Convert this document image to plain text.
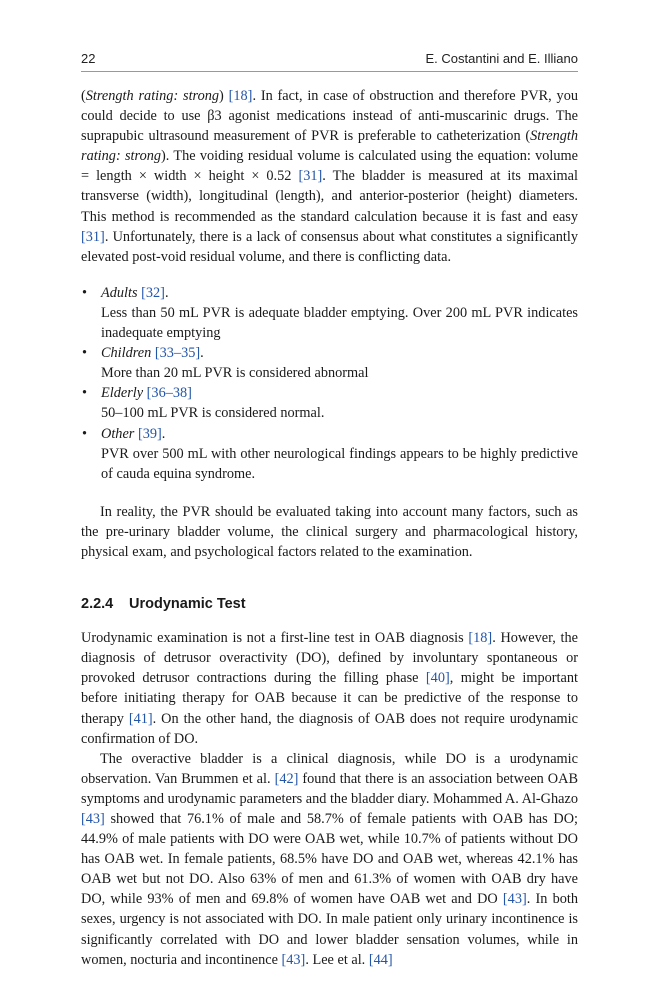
22	E. Costantini and E. Illiano

(Strength rating: strong) [18]. In fact, in case of obstruction and therefore PVR, you could decide to use β3 agonist medications instead of anti-muscarinic drugs. The suprapubic ultrasound measurement of PVR is preferable to catheterization (Strength rating: strong). The voiding residual volume is calculated using the equation: volume = length × width × height × 0.52 [31]. The bladder is measured at its maximal transverse (width), longitudinal (length), and anterior-posterior (height) diameters. This method is recommended as the standard calculation because it is fast and easy [31]. Unfortunately, there is a lack of consensus about what constitutes a significantly elevated post-void residual volume, and there is conflicting data.

• Adults [32].
Less than 50 mL PVR is adequate bladder emptying. Over 200 mL PVR indicates inadequate emptying
• Children [33–35].
More than 20 mL PVR is considered abnormal
• Elderly [36–38]
50–100 mL PVR is considered normal.
• Other [39].
PVR over 500 mL with other neurological findings appears to be highly predictive of cauda equina syndrome.

In reality, the PVR should be evaluated taking into account many factors, such as the pre-urinary bladder volume, the clinical surgery and pharmacological history, physical exam, and psychological factors related to the examination.

2.2.4 Urodynamic Test

Urodynamic examination is not a first-line test in OAB diagnosis [18]. However, the diagnosis of detrusor overactivity (DO), defined by involuntary spontaneous or provoked detrusor contractions during the filling phase [40], might be important before initiating therapy for OAB because it can be predictive of the response to therapy [41]. On the other hand, the diagnosis of OAB does not require urodynamic confirmation of DO.

The overactive bladder is a clinical diagnosis, while DO is a urodynamic observation. Van Brummen et al. [42] found that there is an association between OAB symptoms and urodynamic parameters and the bladder diary. Mohammed A. Al-Ghazo [43] showed that 76.1% of male and 58.7% of female patients with OAB has DO; 44.9% of male patients with DO were OAB wet, while 10.7% of patients without DO has OAB wet. In female patients, 68.5% have DO and OAB wet, whereas 42.1% has OAB wet but not DO. Also 63% of men and 61.3% of women with OAB dry have DO, while 93% of men and 69.8% of women have OAB wet and DO [43]. In both sexes, urgency is not associated with DO. In male patient only urinary incontinence is significantly correlated with DO and lower bladder sensation volumes, while in women, nocturia and incontinence [43]. Lee et al. [44]
